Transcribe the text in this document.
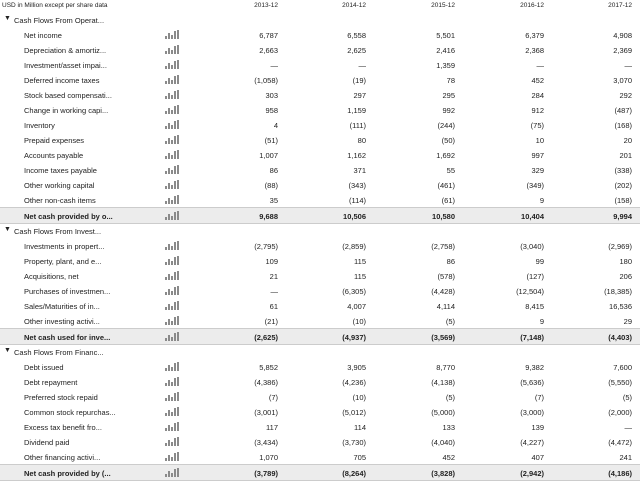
USD in Million except per share data	2013-12	2014-12	2015-12	2016-12	2017-12
▼ Cash Flows From Operat...
Net income	6,787	6,558	5,501	6,379	4,908
Depreciation & amortiz...	2,663	2,625	2,416	2,368	2,369
Investment/asset impai...	—	—	1,359	—	—
Deferred income taxes	(1,058)	(19)	78	452	3,070
Stock based compensati...	303	297	295	284	292
Change in working capi...	958	1,159	992	912	(487)
Inventory	4	(111)	(244)	(75)	(168)
Prepaid expenses	(51)	80	(50)	10	20
Accounts payable	1,007	1,162	1,692	997	201
Income taxes payable	86	371	55	329	(338)
Other working capital	(88)	(343)	(461)	(349)	(202)
Other non-cash items	35	(114)	(61)	9	(158)
Net cash provided by o...	9,688	10,506	10,580	10,404	9,994
▼ Cash Flows From Invest...
Investments in propert...	(2,795)	(2,859)	(2,758)	(3,040)	(2,969)
Property, plant, and e...	109	115	86	99	180
Acquisitions, net	21	115	(578)	(127)	206
Purchases of investmen...	—	(6,305)	(4,428)	(12,504)	(18,385)
Sales/Maturities of in...	61	4,007	4,114	8,415	16,536
Other investing activi...	(21)	(10)	(5)	9	29
Net cash used for inve...	(2,625)	(4,937)	(3,569)	(7,148)	(4,403)
▼ Cash Flows From Financ...
Debt issued	5,852	3,905	8,770	9,382	7,600
Debt repayment	(4,386)	(4,236)	(4,138)	(5,636)	(5,550)
Preferred stock repaid	(7)	(10)	(5)	(7)	(5)
Common stock repurchas...	(3,001)	(5,012)	(5,000)	(3,000)	(2,000)
Excess tax benefit fro...	117	114	133	139	—
Dividend paid	(3,434)	(3,730)	(4,040)	(4,227)	(4,472)
Other financing activi...	1,070	705	452	407	241
Net cash provided by (...	(3,789)	(8,264)	(3,828)	(2,942)	(4,186)
